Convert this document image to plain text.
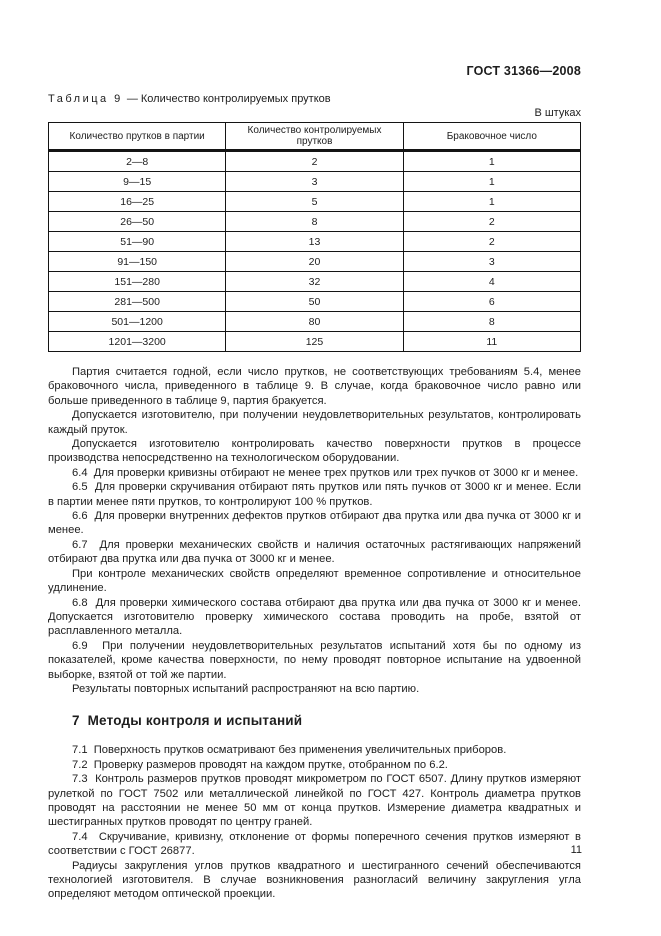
ГОСТ 31366—2008
Таблица 9 — Количество контролируемых прутков
В штуках
Количество прутков в партии	Количество контролируемых прутков	Браковочное число
2—8	2	1
9—15	3	1
16—25	5	1
26—50	8	2
51—90	13	2
91—150	20	3
151—280	32	4
281—500	50	6
501—1200	80	8
1201—3200	125	11

Партия считается годной, если число прутков, не соответствующих требованиям 5.4, менее браковочного числа, приведенного в таблице 9. В случае, когда браковочное число равно или больше приведенного в таблице 9, партия бракуется.

Допускается изготовителю, при получении неудовлетворительных результатов, контролировать каждый пруток.

Допускается изготовителю контролировать качество поверхности прутков в процессе производства непосредственно на технологическом оборудовании.

6.4  Для проверки кривизны отбирают не менее трех прутков или трех пучков от 3000 кг и менее.

6.5  Для проверки скручивания отбирают пять прутков или пять пучков от 3000 кг и менее. Если в партии менее пяти прутков, то контролируют 100 % прутков.

6.6  Для проверки внутренних дефектов прутков отбирают два прутка или два пучка от 3000 кг и менее.

6.7  Для проверки механических свойств и наличия остаточных растягивающих напряжений отбирают два прутка или два пучка от 3000 кг и менее.

При контроле механических свойств определяют временное сопротивление и относительное удлинение.

6.8  Для проверки химического состава отбирают два прутка или два пучка от 3000 кг и менее. Допускается изготовителю проверку химического состава проводить на пробе, взятой от расплавленного металла.

6.9  При получении неудовлетворительных результатов испытаний хотя бы по одному из показателей, кроме качества поверхности, по нему проводят повторное испытание на удвоенной выборке, взятой от той же партии.

Результаты повторных испытаний распространяют на всю партию.

7  Методы контроля и испытаний

7.1  Поверхность прутков осматривают без применения увеличительных приборов.

7.2  Проверку размеров проводят на каждом прутке, отобранном по 6.2.

7.3  Контроль размеров прутков проводят микрометром по ГОСТ 6507. Длину прутков измеряют рулеткой по ГОСТ 7502 или металлической линейкой по ГОСТ 427. Контроль диаметра прутков проводят на расстоянии не менее 50 мм от конца прутков. Измерение диаметра квадратных и шестигранных прутков проводят по центру граней.

7.4  Скручивание, кривизну, отклонение от формы поперечного сечения прутков измеряют в соответствии с ГОСТ 26877.

Радиусы закругления углов прутков квадратного и шестигранного сечений обеспечиваются технологией изготовителя. В случае возникновения разногласий величину закругления угла определяют методом оптической проекции.

11
